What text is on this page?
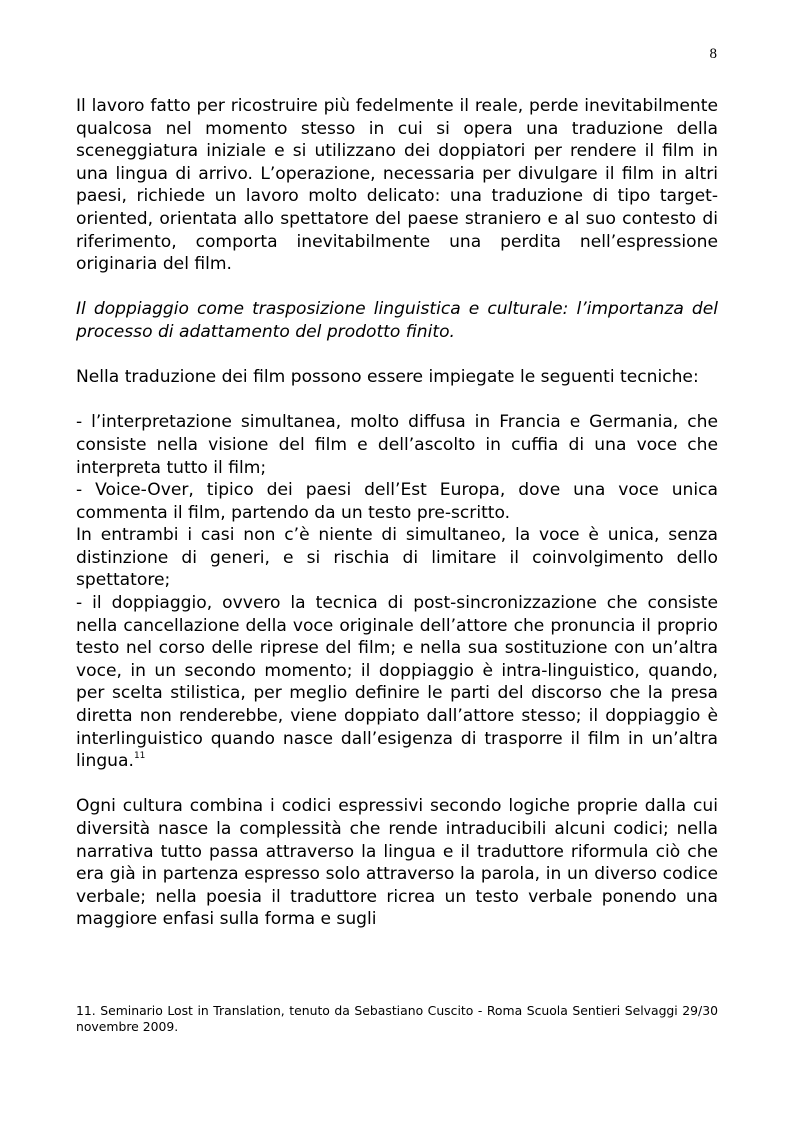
8

Il lavoro fatto per ricostruire più fedelmente il reale, perde inevitabilmente qualcosa nel momento stesso in cui si opera una traduzione della sceneggiatura iniziale e si utilizzano dei doppiatori per rendere il film in una lingua di arrivo. L’operazione, necessaria per divulgare il film in altri paesi, richiede un lavoro molto delicato: una traduzione di tipo target-oriented, orientata allo spettatore del paese straniero e al suo contesto di riferimento, comporta inevitabilmente una perdita nell’espressione originaria del film.

Il doppiaggio come trasposizione linguistica e culturale: l’importanza del processo di adattamento del prodotto finito.

Nella traduzione dei film possono essere impiegate le seguenti tecniche:

- l’interpretazione simultanea, molto diffusa in Francia e Germania, che consiste nella visione del film e dell’ascolto in cuffia di una voce che interpreta tutto il film;

- Voice-Over, tipico dei paesi dell’Est Europa, dove una voce unica commenta il film, partendo da un testo pre-scritto.

In entrambi i casi non c’è niente di simultaneo, la voce è unica, senza distinzione di generi, e si rischia di limitare il coinvolgimento dello spettatore;

- il doppiaggio, ovvero la tecnica di post-sincronizzazione che consiste nella cancellazione della voce originale dell’attore che pronuncia il proprio testo nel corso delle riprese del film; e nella sua sostituzione con un’altra voce, in un secondo momento; il doppiaggio è intra-linguistico, quando, per scelta stilistica, per meglio definire le parti del discorso che la presa diretta non renderebbe, viene doppiato dall’attore stesso; il doppiaggio è interlinguistico quando nasce dall’esigenza di trasporre il film in un’altra lingua.$^{11}$

Ogni cultura combina i codici espressivi secondo logiche proprie dalla cui diversità nasce la complessità che rende intraducibili alcuni codici; nella narrativa tutto passa attraverso la lingua e il traduttore riformula ciò che era già in partenza espresso solo attraverso la parola, in un diverso codice verbale; nella poesia il traduttore ricrea un testo verbale ponendo una maggiore enfasi sulla forma e sugli

11. Seminario Lost in Translation, tenuto da Sebastiano Cuscito - Roma Scuola Sentieri Selvaggi 29/30 novembre 2009.
